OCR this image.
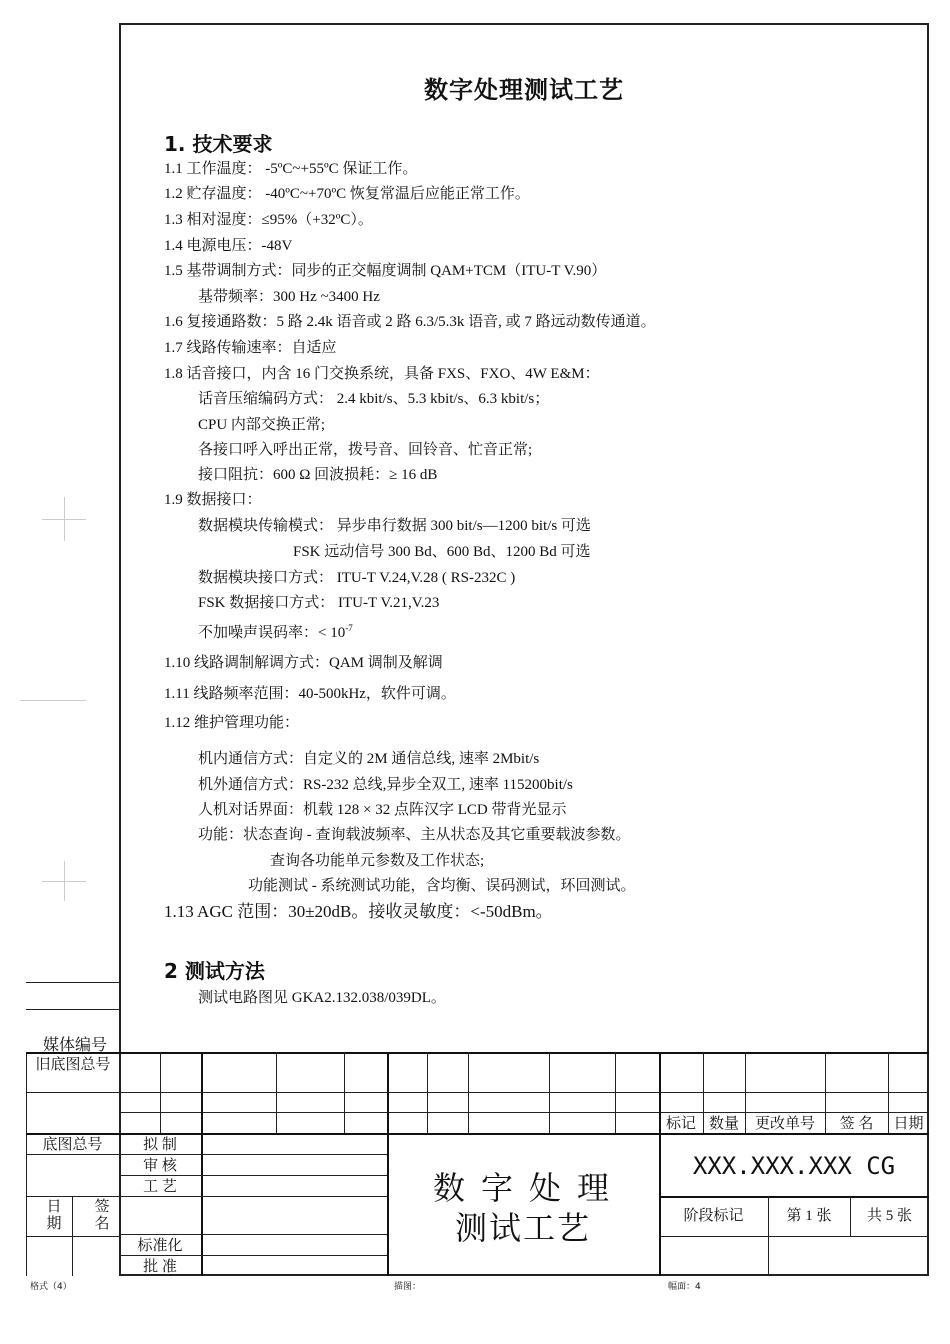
数字处理测试工艺
1. 技术要求
1.1 工作温度： -5ºC~+55ºC 保证工作。
1.2 贮存温度： -40ºC~+70ºC 恢复常温后应能正常工作。
1.3 相对湿度：≤95%（+32ºC）。
1.4 电源电压：-48V
1.5 基带调制方式：同步的正交幅度调制 QAM+TCM（ITU-T V.90）
基带频率：300 Hz ~3400 Hz
1.6 复接通路数：5 路 2.4k 语音或 2 路 6.3/5.3k 语音, 或 7 路远动数传通道。
1.7 线路传输速率：自适应
1.8 话音接口，内含 16 门交换系统，具备 FXS、FXO、4W E&M：
话音压缩编码方式： 2.4 kbit/s、5.3 kbit/s、6.3 kbit/s；
CPU 内部交换正常;
各接口呼入呼出正常，拨号音、回铃音、忙音正常;
接口阻抗：600 Ω 回波损耗：≥ 16 dB
1.9 数据接口：
数据模块传输模式： 异步串行数据 300 bit/s—1200 bit/s 可选
FSK 远动信号 300 Bd、600 Bd、1200 Bd 可选
数据模块接口方式： ITU-T V.24,V.28 ( RS-232C )
FSK 数据接口方式： ITU-T V.21,V.23
不加噪声误码率：< $10^{-7}$
1.10 线路调制解调方式：QAM 调制及解调
1.11 线路频率范围：40-500kHz，软件可调。
1.12 维护管理功能：
机内通信方式：自定义的 2M 通信总线, 速率 2Mbit/s
机外通信方式：RS-232 总线,异步全双工, 速率 115200bit/s
人机对话界面：机载 128 × 32 点阵汉字 LCD 带背光显示
功能：状态查询 - 查询载波频率、主从状态及其它重要载波参数。
查询各功能单元参数及工作状态;
功能测试 - 系统测试功能，含均衡、误码测试，环回测试。
1.13 AGC 范围：30±20dB。接收灵敏度：<-50dBm。
2 测试方法
测试电路图见 GKA2.132.038/039DL。
媒体编号
旧底图总号
底图总号
日期
签名
标记 数量	更改单号	签 名	日期
拟 制
审 核
工 艺
标准化
批 准
数 字 处 理
测试工艺
XXX.XXX.XXX CG
阶段标记	第 1 张	共 5 张
格式（4）	描图：	幅面：4
